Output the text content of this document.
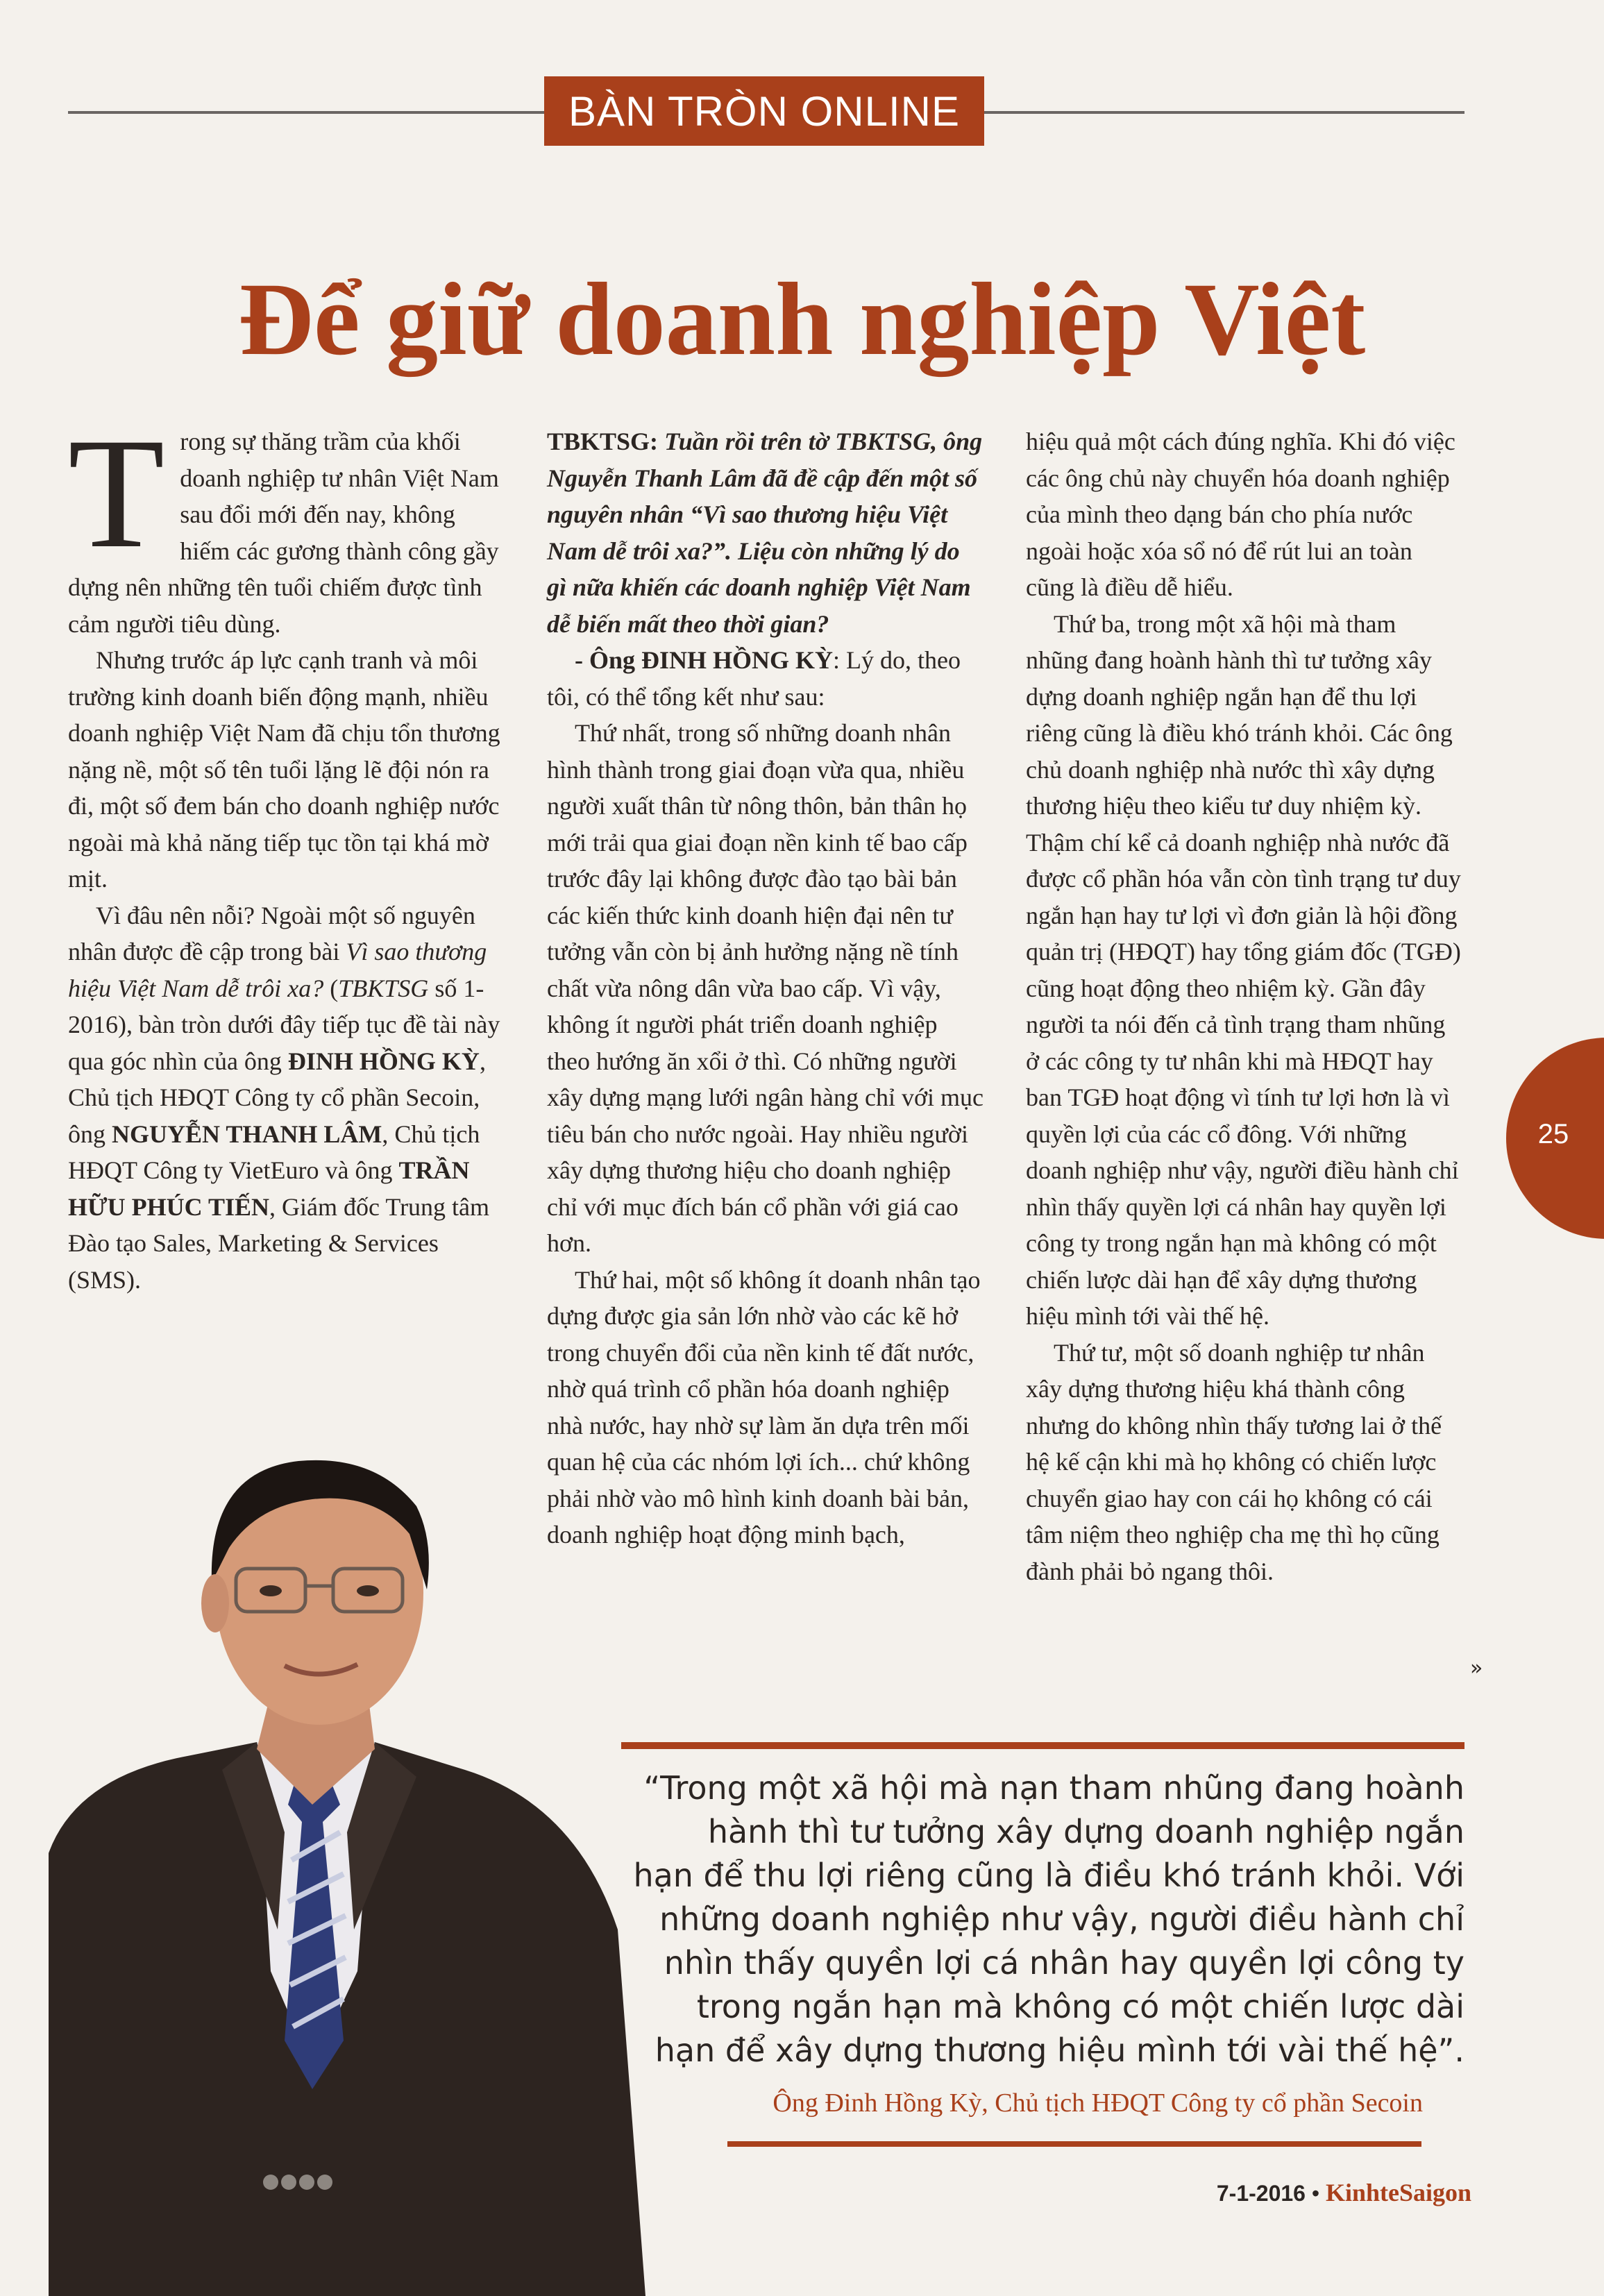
BÀN TRÒN ONLINE
Để giữ doanh nghiệp Việt

Trong sự thăng trầm của khối doanh nghiệp tư nhân Việt Nam sau đổi mới đến nay, không hiếm các gương thành công gầy dựng nên những tên tuổi chiếm được tình cảm người tiêu dùng.

Nhưng trước áp lực cạnh tranh và môi trường kinh doanh biến động mạnh, nhiều doanh nghiệp Việt Nam đã chịu tổn thương nặng nề, một số tên tuổi lặng lẽ đội nón ra đi, một số đem bán cho doanh nghiệp nước ngoài mà khả năng tiếp tục tồn tại khá mờ mịt.

Vì đâu nên nỗi? Ngoài một số nguyên nhân được đề cập trong bài Vì sao thương hiệu Việt Nam dễ trôi xa? (TBKTSG số 1-2016), bàn tròn dưới đây tiếp tục đề tài này qua góc nhìn của ông ĐINH HỒNG KỲ, Chủ tịch HĐQT Công ty cổ phần Secoin, ông NGUYỄN THANH LÂM, Chủ tịch HĐQT Công ty VietEuro và ông TRẦN HỮU PHÚC TIẾN, Giám đốc Trung tâm Đào tạo Sales, Marketing & Services (SMS).

TBKTSG: Tuần rồi trên tờ TBKTSG, ông Nguyễn Thanh Lâm đã đề cập đến một số nguyên nhân “Vì sao thương hiệu Việt Nam dễ trôi xa?”. Liệu còn những lý do gì nữa khiến các doanh nghiệp Việt Nam dễ biến mất theo thời gian?

- Ông ĐINH HỒNG KỲ: Lý do, theo tôi, có thể tổng kết như sau:

Thứ nhất, trong số những doanh nhân hình thành trong giai đoạn vừa qua, nhiều người xuất thân từ nông thôn, bản thân họ mới trải qua giai đoạn nền kinh tế bao cấp trước đây lại không được đào tạo bài bản các kiến thức kinh doanh hiện đại nên tư tưởng vẫn còn bị ảnh hưởng nặng nề tính chất vừa nông dân vừa bao cấp. Vì vậy, không ít người phát triển doanh nghiệp theo hướng ăn xổi ở thì. Có những người xây dựng mạng lưới ngân hàng chỉ với mục tiêu bán cho nước ngoài. Hay nhiều người xây dựng thương hiệu cho doanh nghiệp chỉ với mục đích bán cổ phần với giá cao hơn.

Thứ hai, một số không ít doanh nhân tạo dựng được gia sản lớn nhờ vào các kẽ hở trong chuyển đổi của nền kinh tế đất nước, nhờ quá trình cổ phần hóa doanh nghiệp nhà nước, hay nhờ sự làm ăn dựa trên mối quan hệ của các nhóm lợi ích... chứ không phải nhờ vào mô hình kinh doanh bài bản, doanh nghiệp hoạt động minh bạch,

hiệu quả một cách đúng nghĩa. Khi đó việc các ông chủ này chuyển hóa doanh nghiệp của mình theo dạng bán cho phía nước ngoài hoặc xóa sổ nó để rút lui an toàn cũng là điều dễ hiểu.

Thứ ba, trong một xã hội mà tham nhũng đang hoành hành thì tư tưởng xây dựng doanh nghiệp ngắn hạn để thu lợi riêng cũng là điều khó tránh khỏi. Các ông chủ doanh nghiệp nhà nước thì xây dựng thương hiệu theo kiểu tư duy nhiệm kỳ. Thậm chí kể cả doanh nghiệp nhà nước đã được cổ phần hóa vẫn còn tình trạng tư duy ngắn hạn hay tư lợi vì đơn giản là hội đồng quản trị (HĐQT) hay tổng giám đốc (TGĐ) cũng hoạt động theo nhiệm kỳ. Gần đây người ta nói đến cả tình trạng tham nhũng ở các công ty tư nhân khi mà HĐQT hay ban TGĐ hoạt động vì tính tư lợi hơn là vì quyền lợi của các cổ đông. Với những doanh nghiệp như vậy, người điều hành chỉ nhìn thấy quyền lợi cá nhân hay quyền lợi công ty trong ngắn hạn mà không có một chiến lược dài hạn để xây dựng thương hiệu mình tới vài thế hệ.

Thứ tư, một số doanh nghiệp tư nhân xây dựng thương hiệu khá thành công nhưng do không nhìn thấy tương lai ở thế hệ kế cận khi mà họ không có chiến lược chuyển giao hay con cái họ không có cái tâm niệm theo nghiệp cha mẹ thì họ cũng đành phải bỏ ngang thôi.

»
25
“Trong một xã hội mà nạn tham nhũng đang hoành
hành thì tư tưởng xây dựng doanh nghiệp ngắn
hạn để thu lợi riêng cũng là điều khó tránh khỏi. Với
những doanh nghiệp như vậy, người điều hành chỉ
nhìn thấy quyền lợi cá nhân hay quyền lợi công ty
trong ngắn hạn mà không có một chiến lược dài
hạn để xây dựng thương hiệu mình tới vài thế hệ”.
Ông Đinh Hồng Kỳ, Chủ tịch HĐQT Công ty cổ phần Secoin
7-1-2016 • KinhteSaigon
